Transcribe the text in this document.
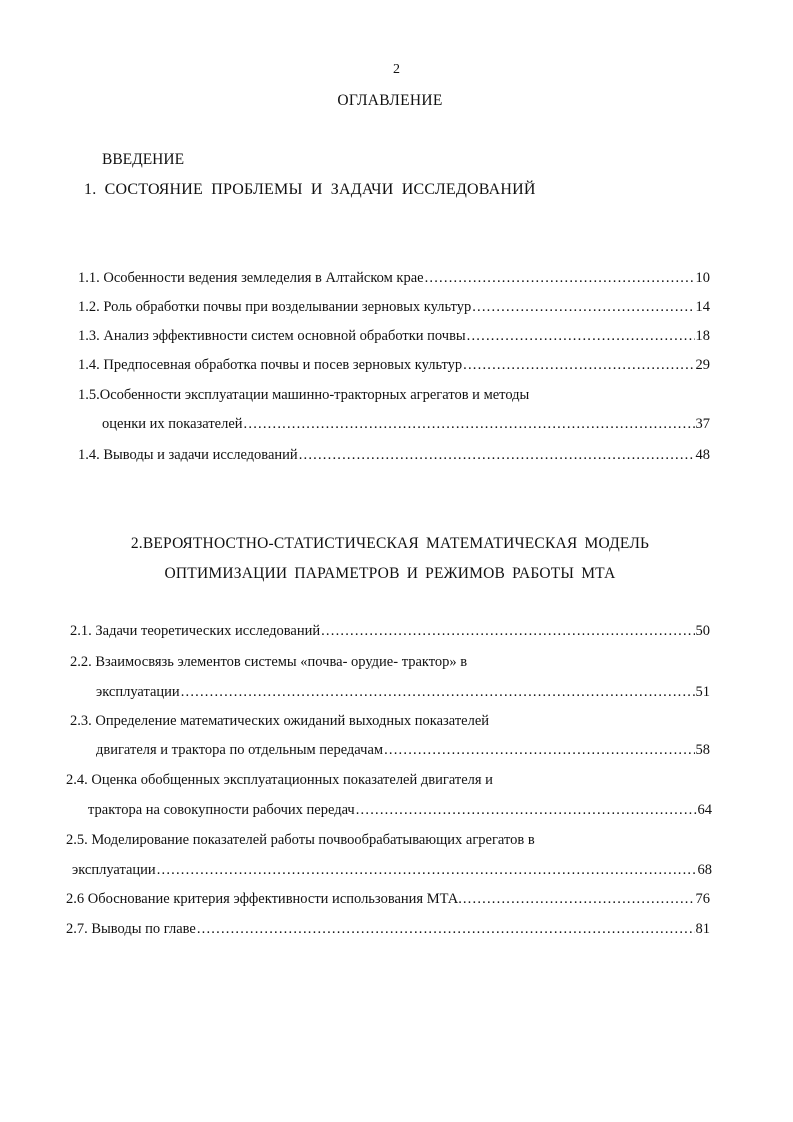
2
ОГЛАВЛЕНИЕ
ВВЕДЕНИЕ
1. СОСТОЯНИЕ ПРОБЛЕМЫ И ЗАДАЧИ ИССЛЕДОВАНИЙ
1.1. Особенности ведения земледелия в Алтайском крае .....	10
1.2. Роль обработки почвы при возделывании зерновых культур .....	14
1.3. Анализ эффективности систем основной обработки почвы .....	18
1.4. Предпосевная обработка почвы и посев зерновых культур .....	29
1.5.Особенности эксплуатации машинно-тракторных агрегатов и методы
оценки их показателей .....	37
1.4. Выводы и задачи исследований .....	48
2.ВЕРОЯТНОСТНО-СТАТИСТИЧЕСКАЯ МАТЕМАТИЧЕСКАЯ МОДЕЛЬ
ОПТИМИЗАЦИИ ПАРАМЕТРОВ И РЕЖИМОВ РАБОТЫ МТА
2.1. Задачи теоретических исследований .....	50
2.2. Взаимосвязь элементов системы «почва- орудие- трактор» в
эксплуатации .....	51
2.3. Определение математических ожиданий выходных показателей
двигателя и трактора по отдельным передачам .....	58
2.4. Оценка обобщенных эксплуатационных показателей двигателя и
трактора на совокупности рабочих передач .....	64
2.5. Моделирование показателей работы почвообрабатывающих агрегатов в
эксплуатации .....	68
2.6 Обоснование критерия эффективности использования МТА. .....	76
2.7. Выводы по главе .....	81
